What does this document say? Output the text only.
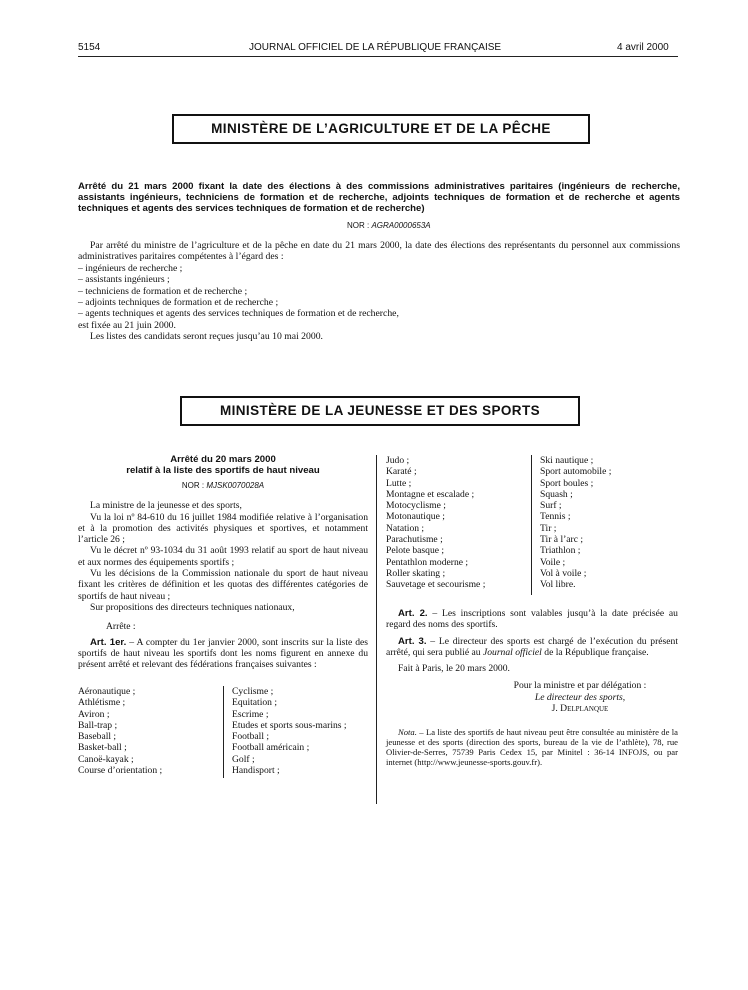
5154	JOURNAL OFFICIEL DE LA RÉPUBLIQUE FRANÇAISE	4 avril 2000
MINISTÈRE DE L’AGRICULTURE ET DE LA PÊCHE
Arrêté du 21 mars 2000 fixant la date des élections à des commissions administratives paritaires (ingénieurs de recherche, assistants ingénieurs, techniciens de formation et de recherche, adjoints techniques de formation et de recherche et agents techniques et agents des services techniques de formation et de recherche)
NOR : AGRA0000653A

Par arrêté du ministre de l’agriculture et de la pêche en date du 21 mars 2000, la date des élections des représentants du personnel aux commissions administratives paritaires compétentes à l’égard des :

– ingénieurs de recherche ;

– assistants ingénieurs ;

– techniciens de formation et de recherche ;

– adjoints techniques de formation et de recherche ;

– agents techniques et agents des services techniques de formation et de recherche,

est fixée au 21 juin 2000.

Les listes des candidats seront reçues jusqu’au 10 mai 2000.

MINISTÈRE DE LA JEUNESSE ET DES SPORTS
Arrêté du 20 mars 2000
relatif à la liste des sportifs de haut niveau
NOR : MJSK0070028A

La ministre de la jeunesse et des sports,

Vu la loi nº 84-610 du 16 juillet 1984 modifiée relative à l’organisation et à la promotion des activités physiques et sportives, et notamment l’article 26 ;

Vu le décret nº 93-1034 du 31 août 1993 relatif au sport de haut niveau et aux normes des équipements sportifs ;

Vu les décisions de la Commission nationale du sport de haut niveau fixant les critères de définition et les quotas des différentes catégories de sportifs de haut niveau ;

Sur propositions des directeurs techniques nationaux,

Arrête :

Art. 1er. – A compter du 1er janvier 2000, sont inscrits sur la liste des sportifs de haut niveau les sportifs dont les noms figurent en annexe du présent arrêté et relevant des fédérations françaises suivantes :

Aéronautique ;
Athlétisme ;
Aviron ;
Ball-trap ;
Baseball ;
Basket-ball ;
Canoë-kayak ;
Course d’orientation ;
Cyclisme ;
Equitation ;
Escrime ;
Etudes et sports sous-marins ;
Football ;
Football américain ;
Golf ;
Handisport ;
Judo ;
Karaté ;
Lutte ;
Montagne et escalade ;
Motocyclisme ;
Motonautique ;
Natation ;
Parachutisme ;
Pelote basque ;
Pentathlon moderne ;
Roller skating ;
Sauvetage et secourisme ;
Ski nautique ;
Sport automobile ;
Sport boules ;
Squash ;
Surf ;
Tennis ;
Tir ;
Tir à l’arc ;
Triathlon ;
Voile ;
Vol à voile ;
Vol libre.

Art. 2. – Les inscriptions sont valables jusqu’à la date précisée au regard des noms des sportifs.

Art. 3. – Le directeur des sports est chargé de l’exécution du présent arrêté, qui sera publié au Journal officiel de la République française.

Fait à Paris, le 20 mars 2000.

Pour la ministre et par délégation :
Le directeur des sports,
J. Delplanque

Nota. – La liste des sportifs de haut niveau peut être consultée au ministère de la jeunesse et des sports (direction des sports, bureau de la vie de l’athlète), 78, rue Olivier-de-Serres, 75739 Paris Cedex 15, par Minitel : 36-14 INFOJS, ou par internet (http://www.jeunesse-sports.gouv.fr).
